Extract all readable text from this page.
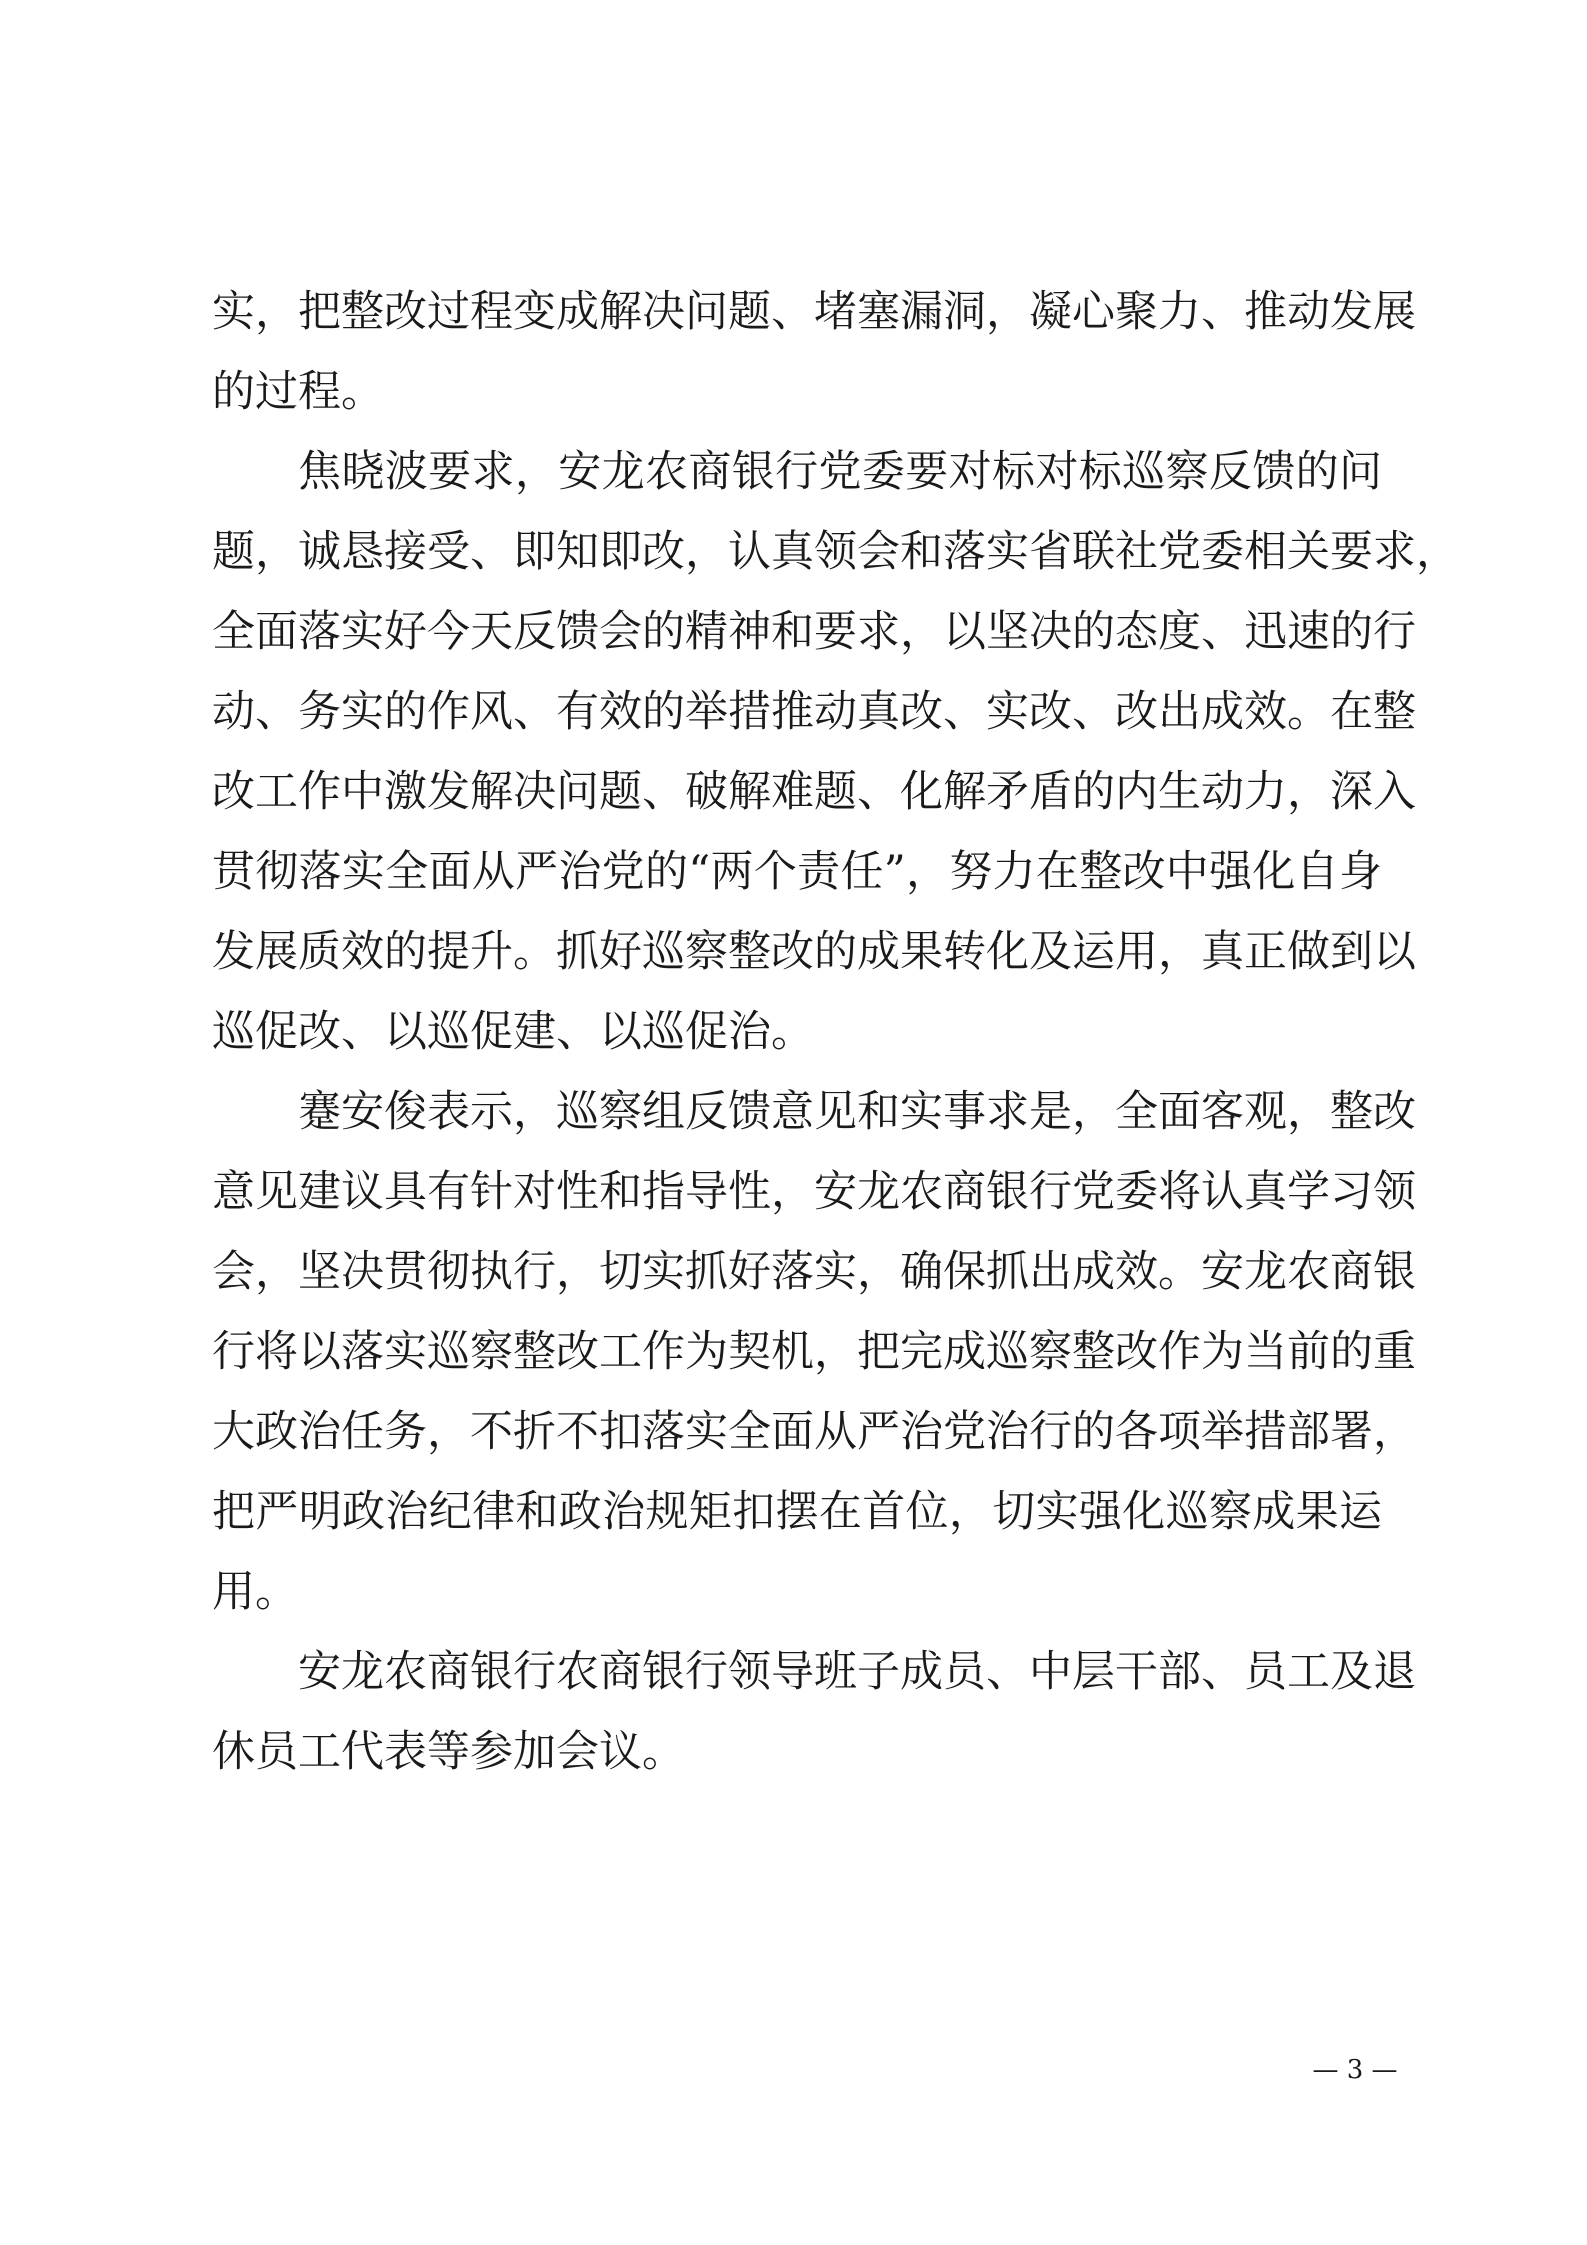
实，把整改过程变成解决问题、堵塞漏洞，凝心聚力、推动发展
的过程。
焦晓波要求，安龙农商银行党委要对标对标巡察反馈的问
题，诚恳接受、即知即改，认真领会和落实省联社党委相关要求，
全面落实好今天反馈会的精神和要求，以坚决的态度、迅速的行
动、务实的作风、有效的举措推动真改、实改、改出成效。在整
改工作中激发解决问题、破解难题、化解矛盾的内生动力，深入
贯彻落实全面从严治党的“两个责任”，努力在整改中强化自身
发展质效的提升。抓好巡察整改的成果转化及运用，真正做到以
巡促改、以巡促建、以巡促治。
蹇安俊表示，巡察组反馈意见和实事求是，全面客观，整改
意见建议具有针对性和指导性，安龙农商银行党委将认真学习领
会，坚决贯彻执行，切实抓好落实，确保抓出成效。安龙农商银
行将以落实巡察整改工作为契机，把完成巡察整改作为当前的重
大政治任务，不折不扣落实全面从严治党治行的各项举措部署，
把严明政治纪律和政治规矩扣摆在首位，切实强化巡察成果运
用。
安龙农商银行农商银行领导班子成员、中层干部、员工及退
休员工代表等参加会议。
— 3 —
